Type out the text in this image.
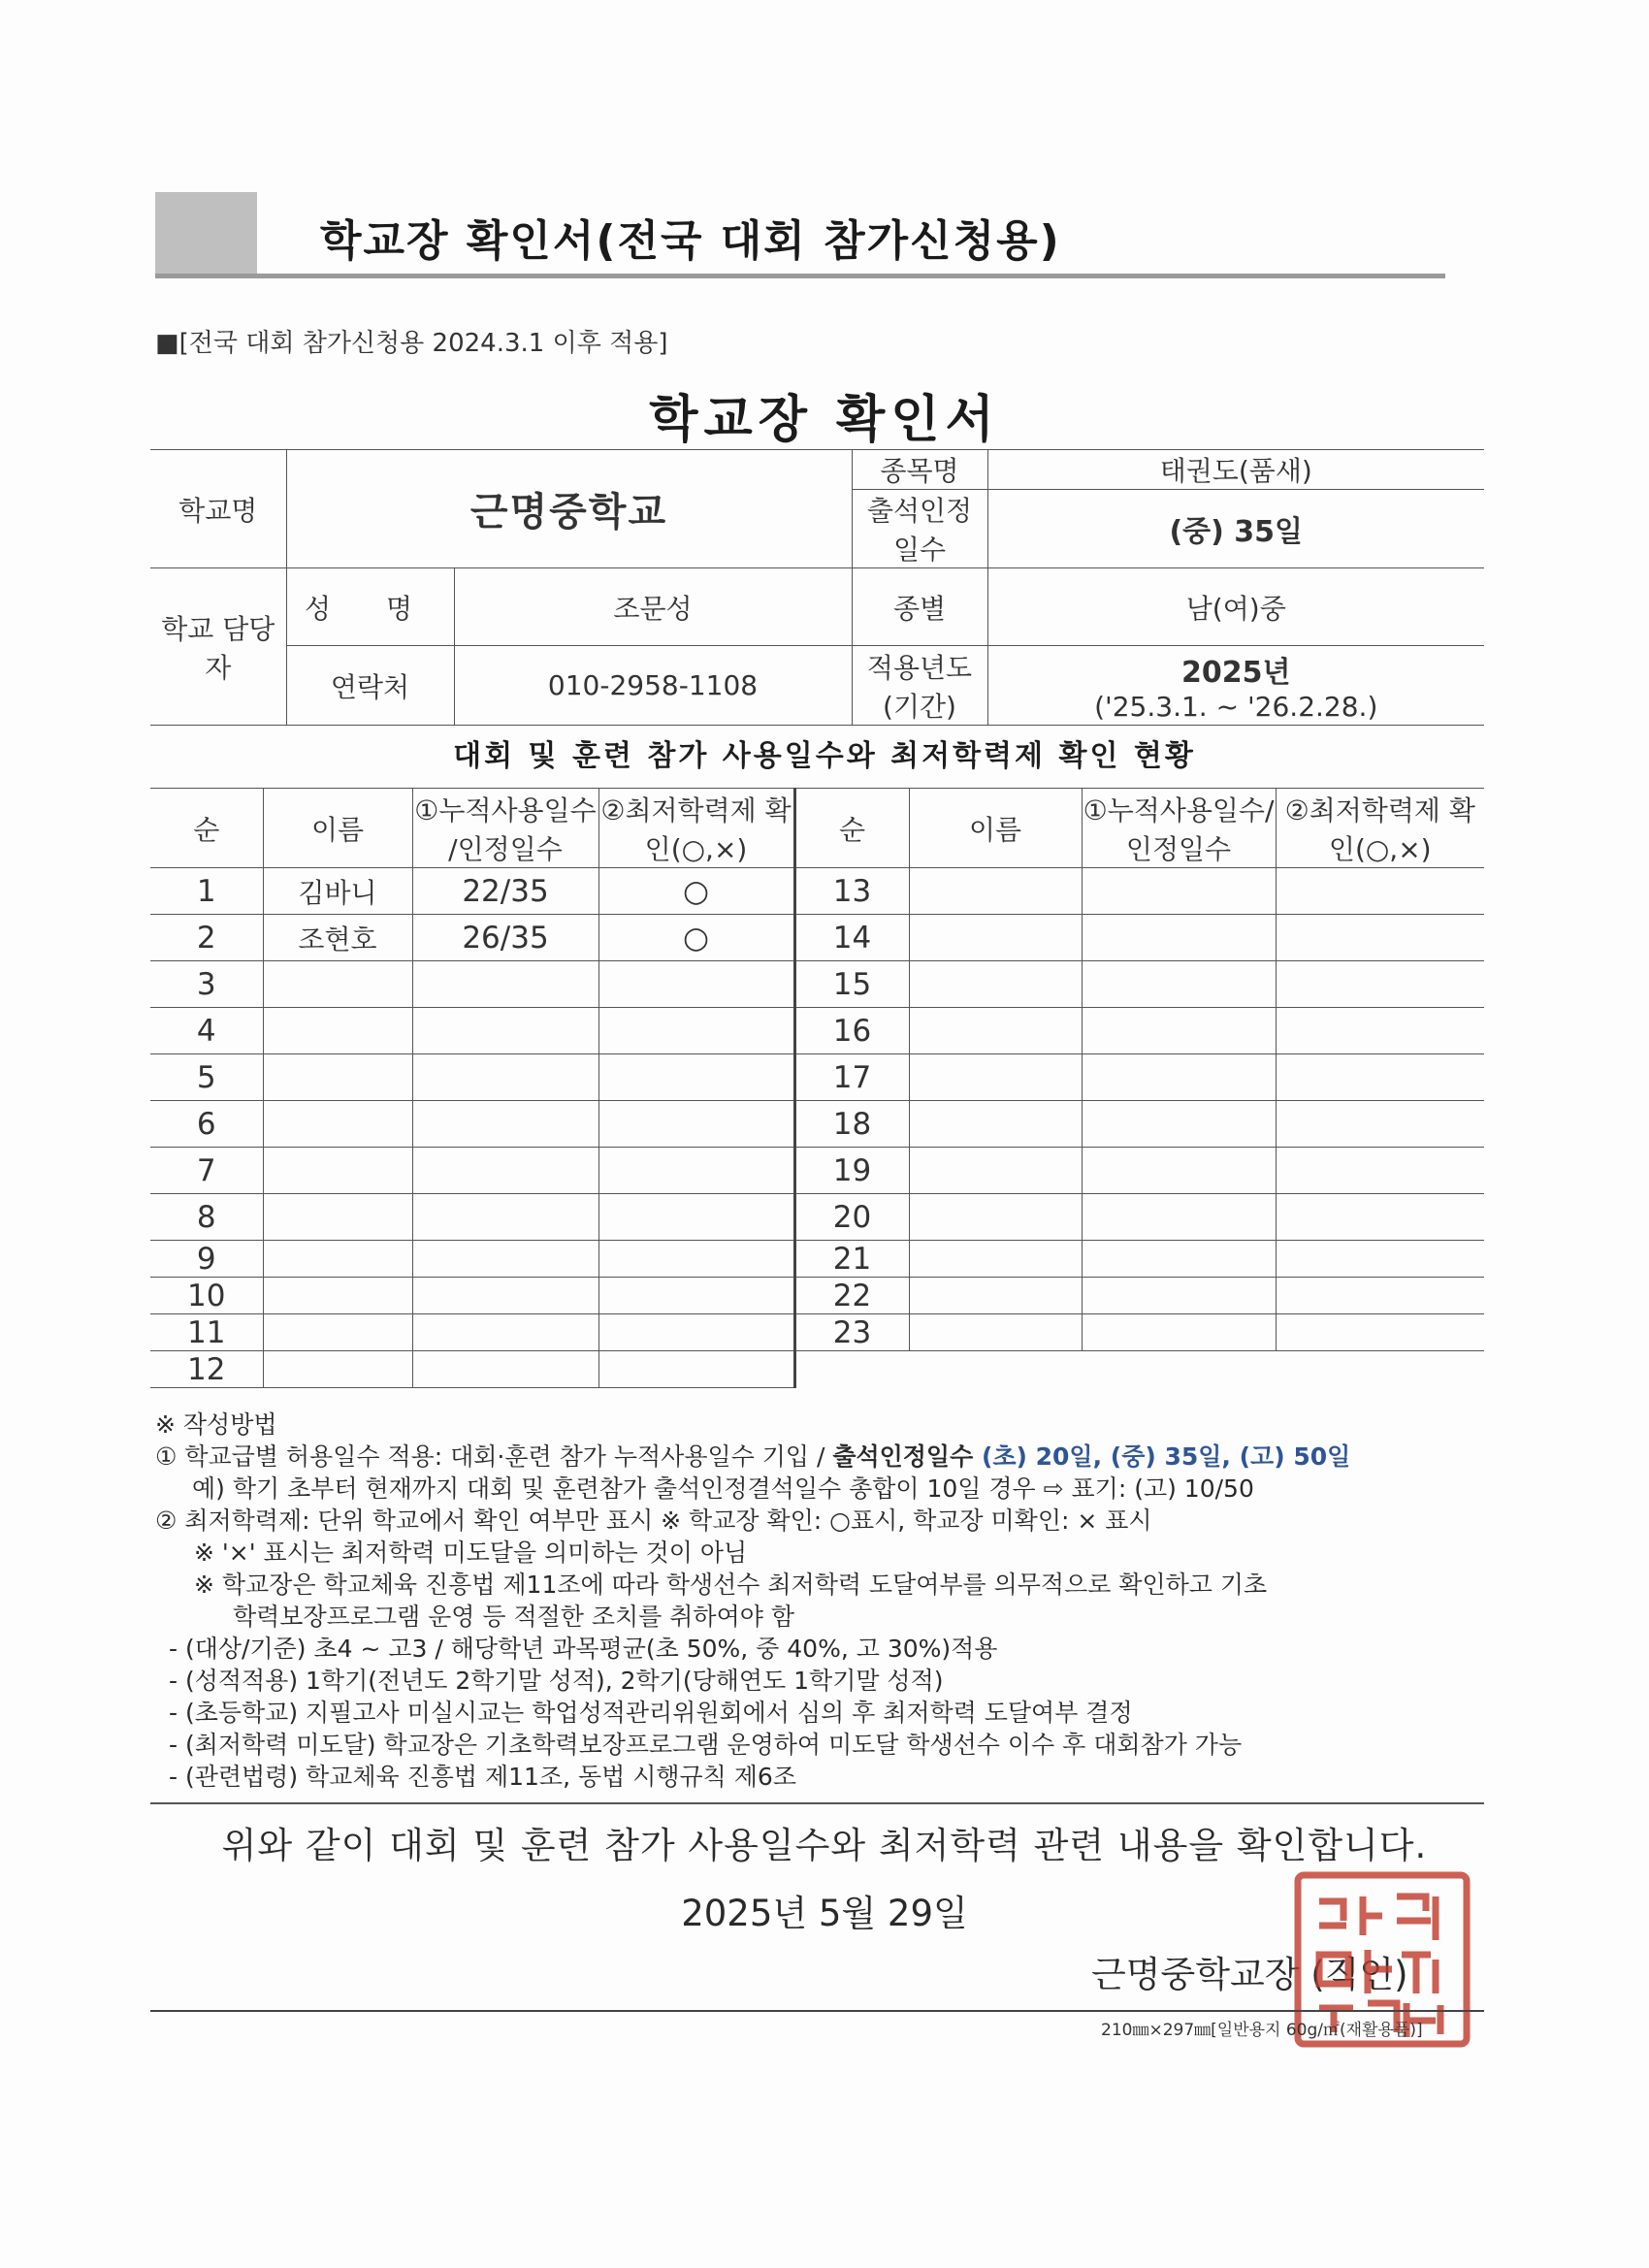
학교장 확인서(전국 대회 참가신청용)
■[전국 대회 참가신청용 2024.3.1 이후 적용]
학교장 확인서
학교명	근명중학교		종목명	태권도(품새)
			출석인정 일수	(중) 35일
학교 담당자	성 명	조문성	종별	남(여)중
	연락처	010-2958-1108	적용년도 (기간)	2025년
('25.3.1. ~ '26.2.28.)
대회 및 훈련 참가 사용일수와 최저학력제 확인 현황
순	이름	①누적사용일수 /인정일수	②최저학력제 확인(○,×)	순	이름	①누적사용일수/ 인정일수	②최저학력제 확인(○,×)
1	김바니	22/35	○	13			
2	조현호	26/35	○	14			
3				15			
4				16			
5				17			
6				18			
7				19			
8				20			
9				21			
10				22			
11				23			
12							
※ 작성방법
① 학교급별 허용일수 적용: 대회·훈련 참가 누적사용일수 기입 / 출석인정일수 (초) 20일, (중) 35일, (고) 50일
예) 학기 초부터 현재까지 대회 및 훈련참가 출석인정결석일수 총합이 10일 경우 ⇨ 표기: (고) 10/50
② 최저학력제: 단위 학교에서 확인 여부만 표시 ※ 학교장 확인: ○표시, 학교장 미확인: × 표시
※ '×' 표시는 최저학력 미도달을 의미하는 것이 아님
※ 학교장은 학교체육 진흥법 제11조에 따라 학생선수 최저학력 도달여부를 의무적으로 확인하고 기초
학력보장프로그램 운영 등 적절한 조치를 취하여야 함
- (대상/기준) 초4 ~ 고3 / 해당학년 과목평균(초 50%, 중 40%, 고 30%)적용
- (성적적용) 1학기(전년도 2학기말 성적), 2학기(당해연도 1학기말 성적)
- (초등학교) 지필고사 미실시교는 학업성적관리위원회에서 심의 후 최저학력 도달여부 결정
- (최저학력 미도달) 학교장은 기초학력보장프로그램 운영하여 미도달 학생선수 이수 후 대회참가 가능
- (관련법령) 학교체육 진흥법 제11조, 동법 시행규칙 제6조
위와 같이 대회 및 훈련 참가 사용일수와 최저학력 관련 내용을 확인합니다.
2025년 5월 29일
근명중학교장 (직인)
210㎜×297㎜[일반용지 60g/㎡(재활용품)]
